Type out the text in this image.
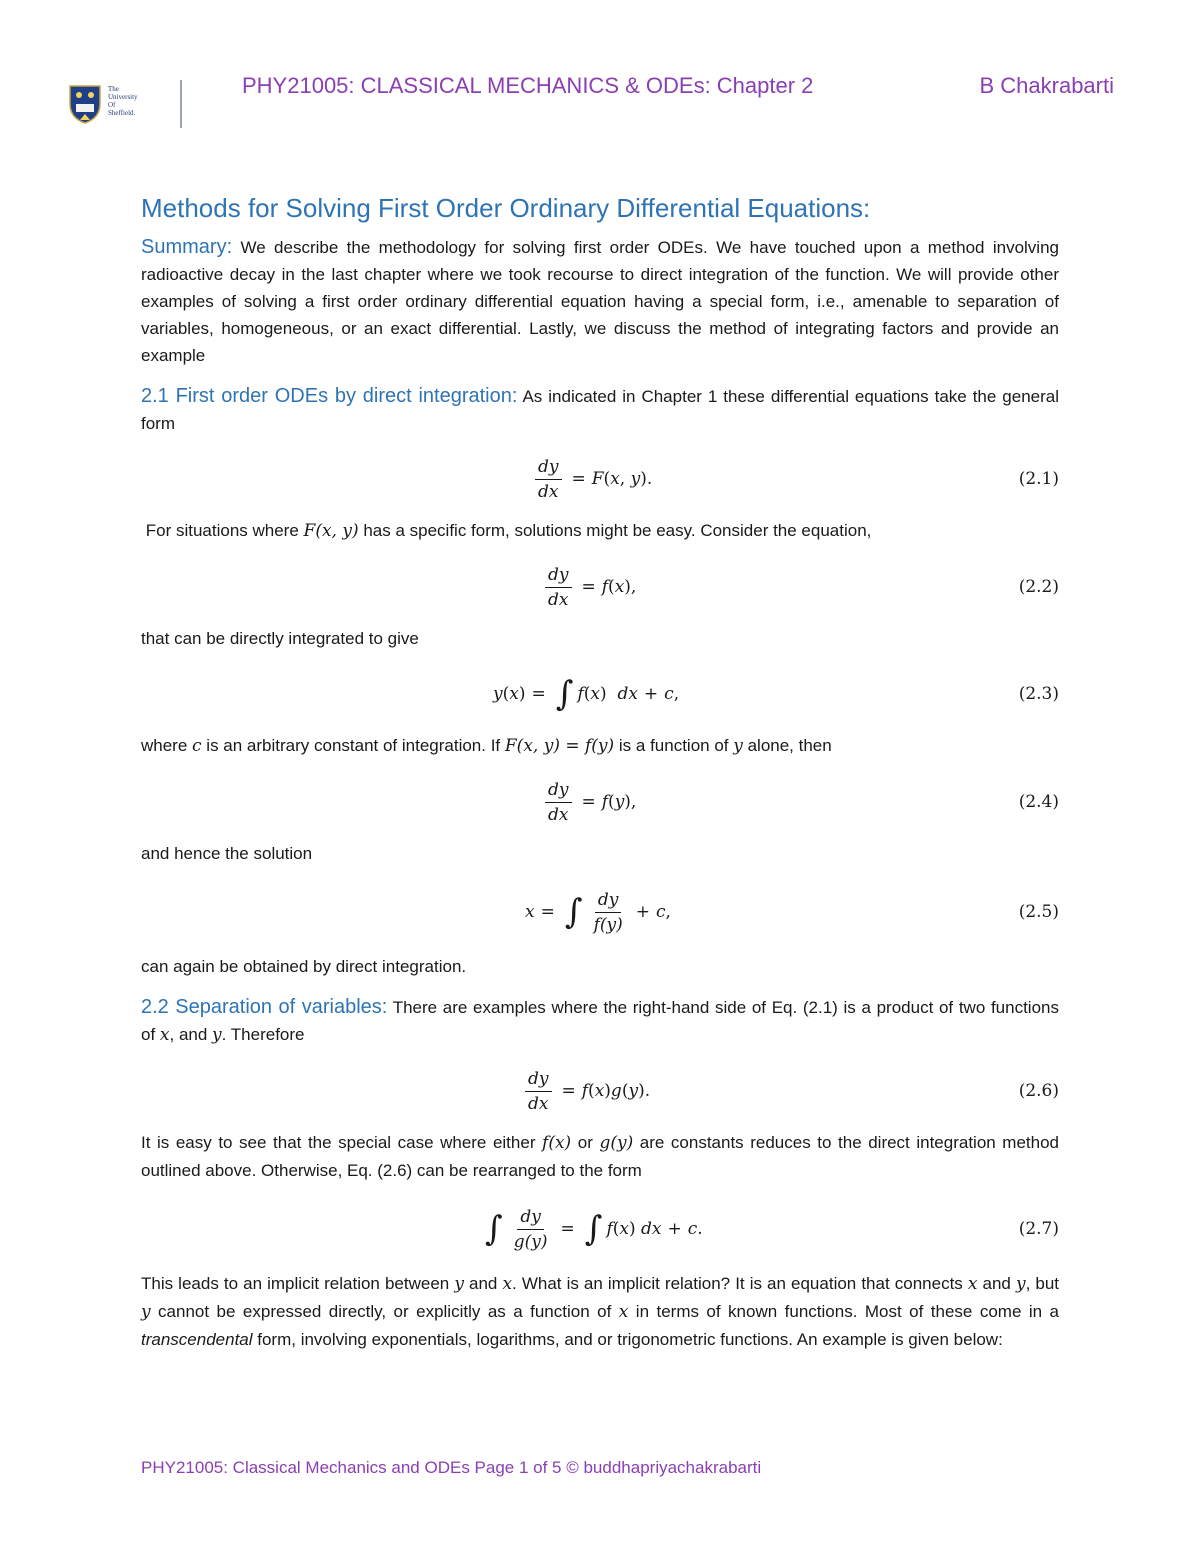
The
University
Of
Sheffield.
PHY21005: CLASSICAL MECHANICS & ODEs: Chapter 2	B Chakrabarti
Methods for Solving First Order Ordinary Differential Equations:

Summary: We describe the methodology for solving first order ODEs. We have touched upon a method involving radioactive decay in the last chapter where we took recourse to direct integration of the function. We will provide other examples of solving a first order ordinary differential equation having a special form, i.e., amenable to separation of variables, homogeneous, or an exact differential. Lastly, we discuss the method of integrating factors and provide an example

2.1 First order ODEs by direct integration: As indicated in Chapter 1 these differential equations take the general form

$\frac{dy}{dx} = F$ ( x ,
y ).	(2.1)

For situations where F(x, y) has a specific form, solutions might be easy. Consider the equation,

$\frac{dy}{dx} = f$ ( x ),	(2.2)

that can be directly integrated to give

y ( x ) = ∫ f ( x )
dx + c ,	(2.3)

where c is an arbitrary constant of integration. If F(x, y) = f(y) is a function of y alone, then

$\frac{dy}{dx} = f$ ( y ),	(2.4)

and hence the solution

x = ∫ $\frac{dy}{f(y)} + c$ ,	(2.5)

can again be obtained by direct integration.

2.2 Separation of variables: There are examples where the right-hand side of Eq. (2.1) is a product of two functions of x, and y. Therefore

$\frac{dy}{dx} = f$ ( x ) g ( y ).	(2.6)

It is easy to see that the special case where either f(x) or g(y) are constants reduces to the direct integration method outlined above. Otherwise, Eq. (2.6) can be rearranged to the form

∫ $\frac{dy}{g(y)}$ = ∫ f ( x )
dx + c .	(2.7)

This leads to an implicit relation between y and x. What is an implicit relation? It is an equation that connects x and y, but y cannot be expressed directly, or explicitly as a function of x in terms of known functions. Most of these come in a transcendental form, involving exponentials, logarithms, and or trigonometric functions. An example is given below:

PHY21005: Classical Mechanics and ODEs Page 1 of 5 © buddhapriyachakrabarti
